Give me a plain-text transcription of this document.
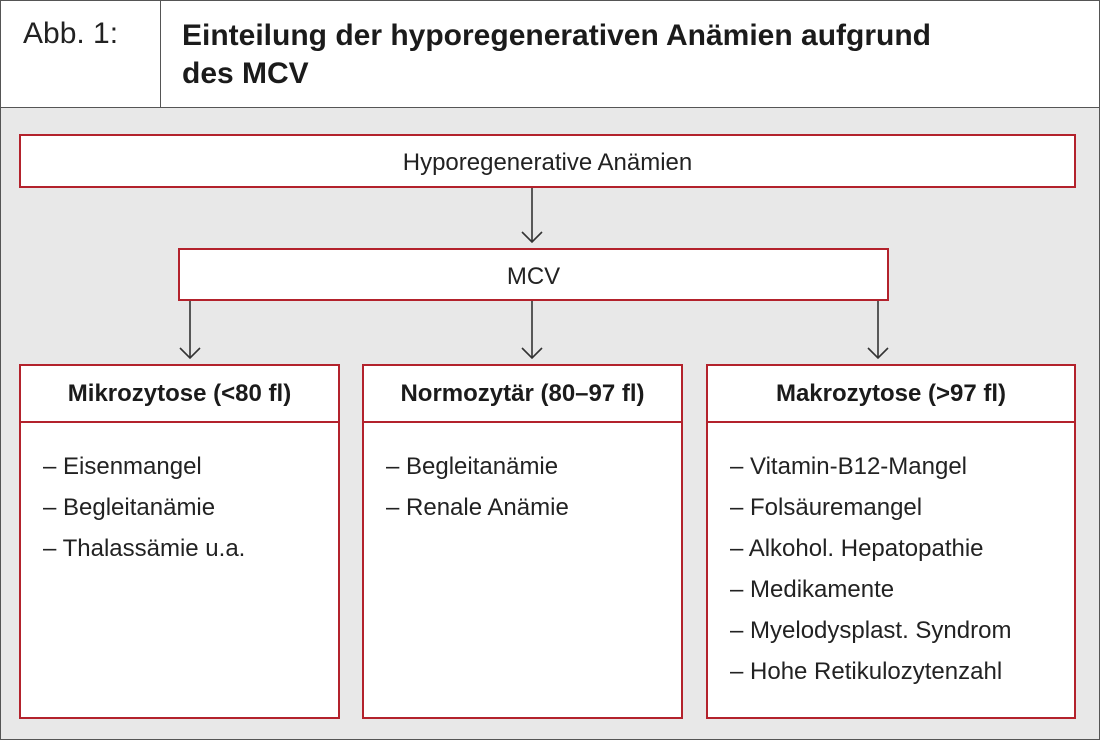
Abb. 1: Einteilung der hyporegenerativen Anämien aufgrund
des MCV
Hyporegenerative Anämien
MCV
Mikrozytose (<80 fl)
– Eisenmangel
– Begleitanämie
– Thalassämie u.a.
Normozytär (80–97 fl)
– Begleitanämie
– Renale Anämie
Makrozytose (>97 fl)
– Vitamin-B12-Mangel
– Folsäuremangel
– Alkohol. Hepatopathie
– Medikamente
– Myelodysplast. Syndrom
– Hohe Retikulozytenzahl
